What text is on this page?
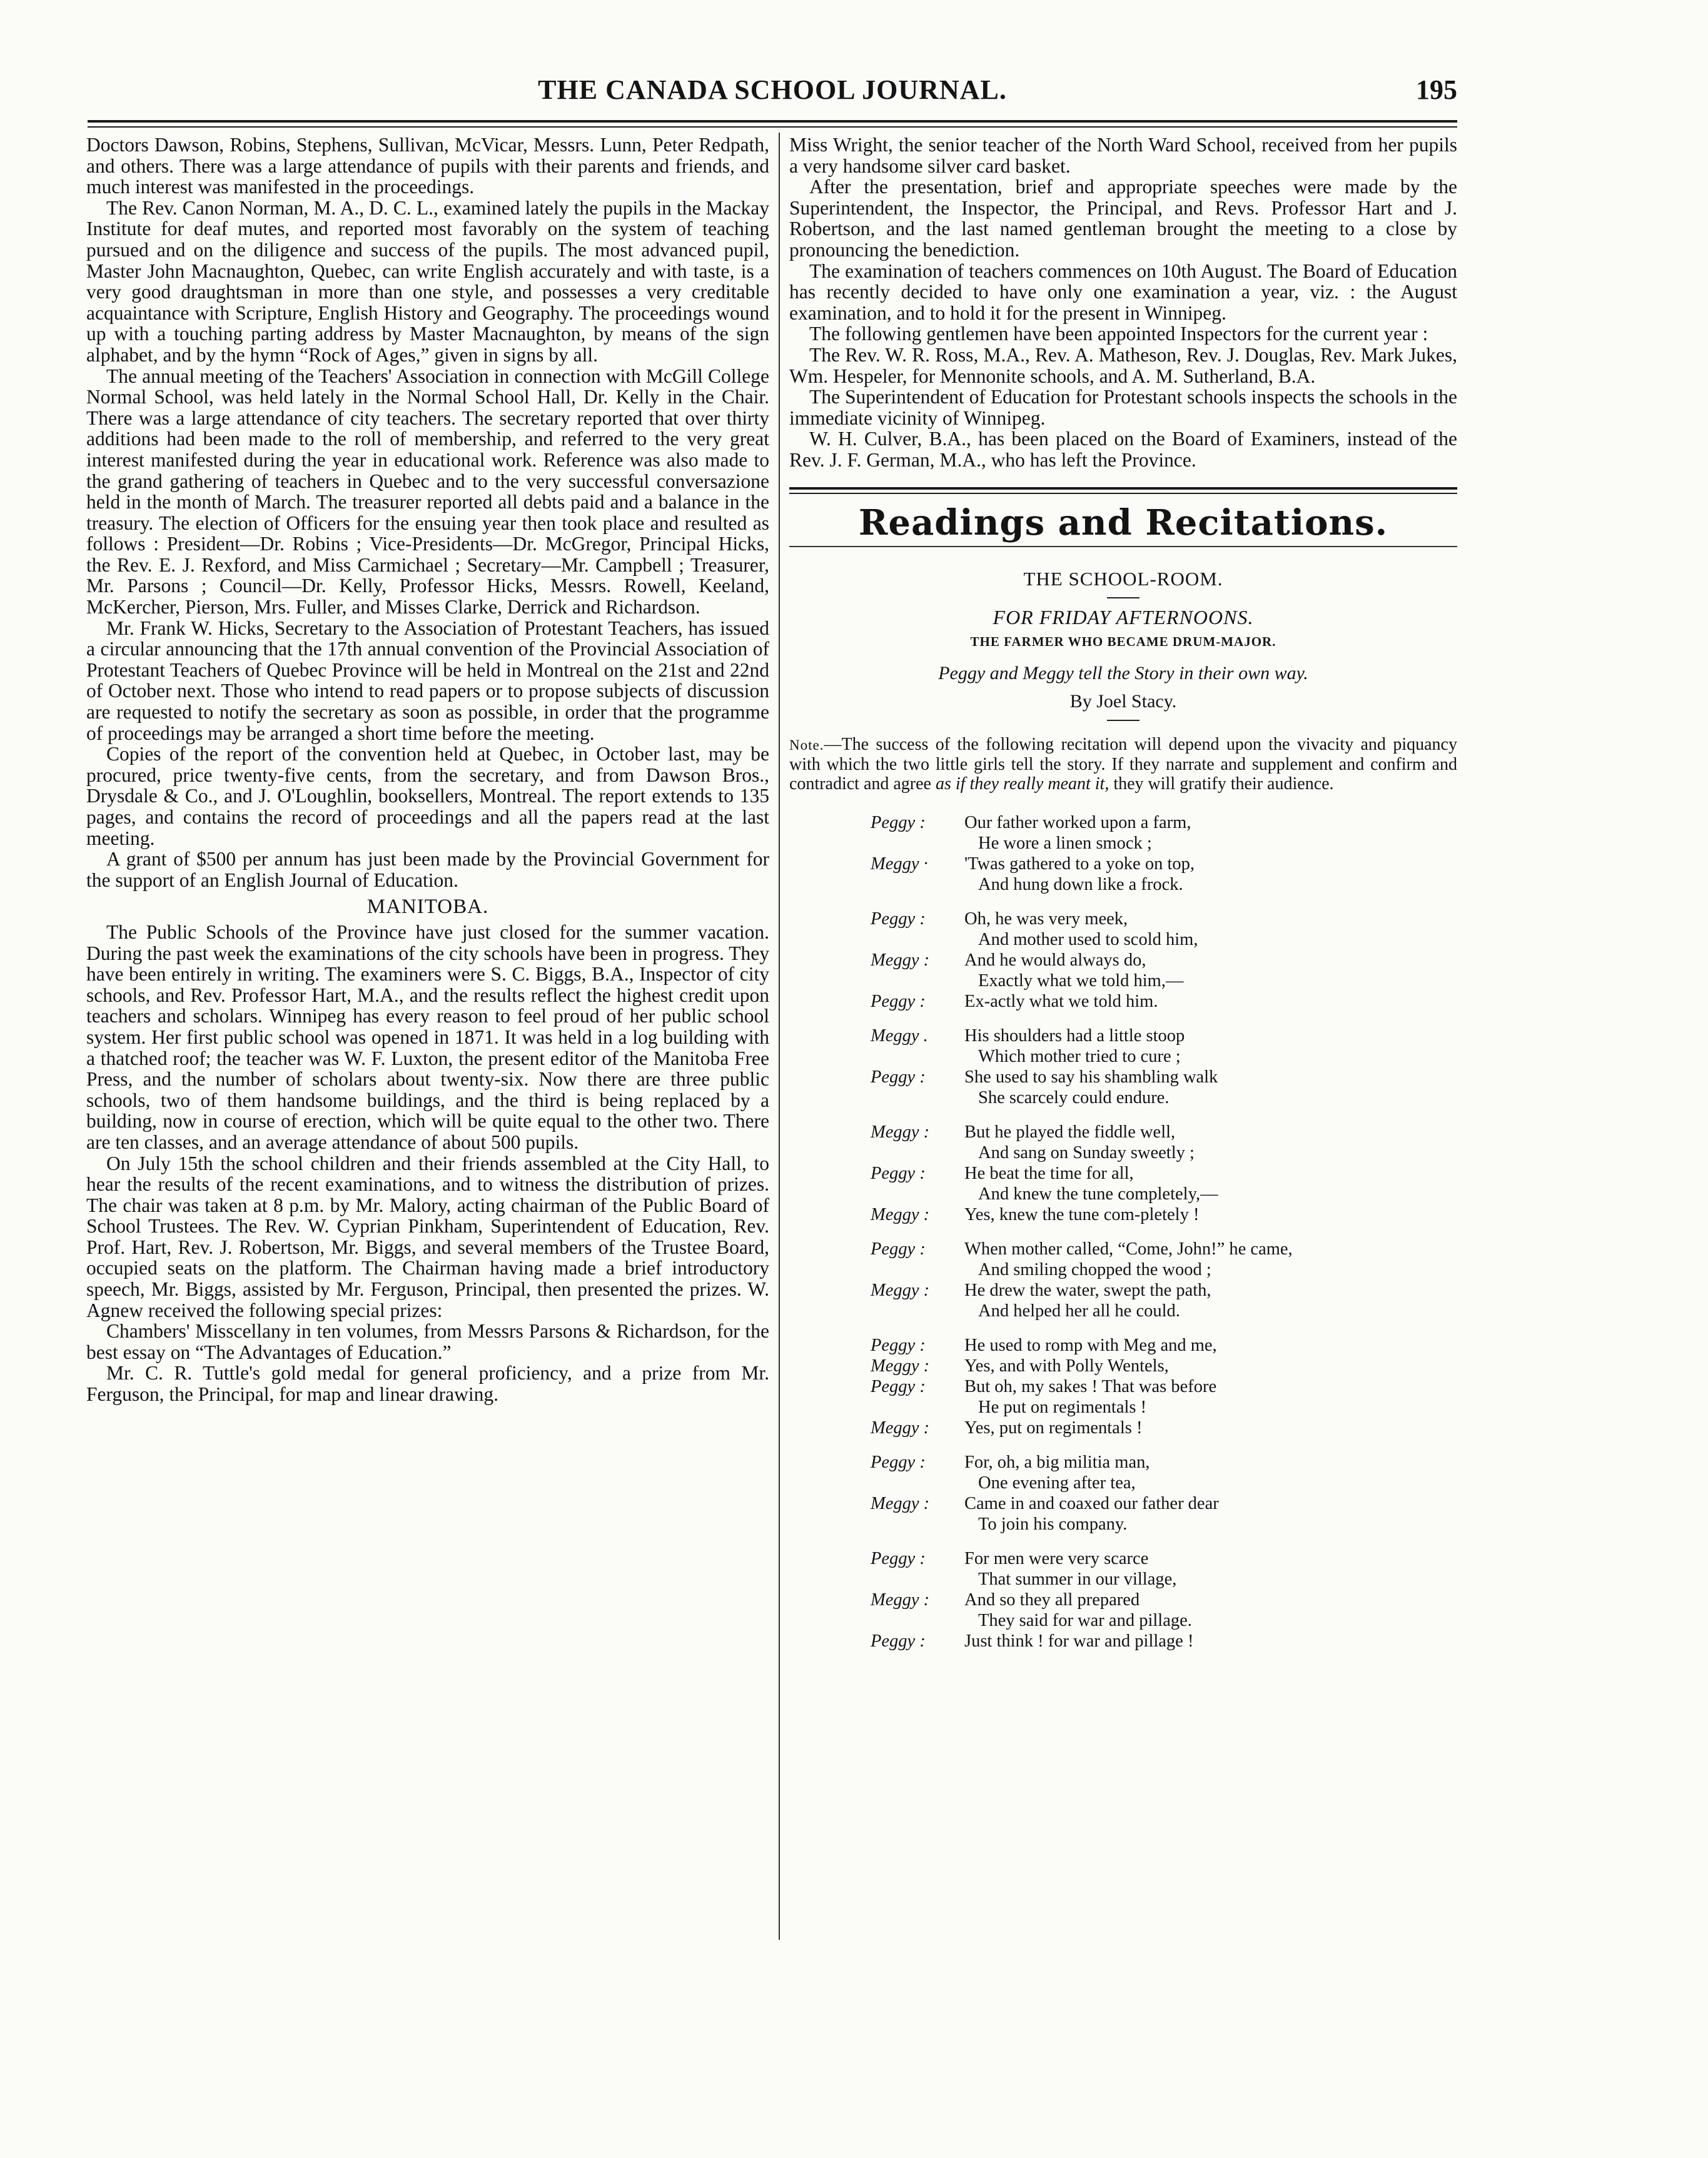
THE CANADA SCHOOL JOURNAL.	195

Doctors Dawson, Robins, Stephens, Sullivan, McVicar, Messrs. Lunn, Peter Redpath, and others. There was a large attendance of pupils with their parents and friends, and much interest was manifested in the proceedings.

The Rev. Canon Norman, M. A., D. C. L., examined lately the pupils in the Mackay Institute for deaf mutes, and reported most favorably on the system of teaching pursued and on the diligence and success of the pupils. The most advanced pupil, Master John Macnaughton, Quebec, can write English accurately and with taste, is a very good draughtsman in more than one style, and possesses a very creditable acquaintance with Scripture, English History and Geography. The proceedings wound up with a touching parting address by Master Macnaughton, by means of the sign alphabet, and by the hymn “Rock of Ages,” given in signs by all.

The annual meeting of the Teachers' Association in connection with McGill College Normal School, was held lately in the Normal School Hall, Dr. Kelly in the Chair. There was a large attendance of city teachers. The secretary reported that over thirty additions had been made to the roll of membership, and referred to the very great interest manifested during the year in educational work. Reference was also made to the grand gathering of teachers in Quebec and to the very successful conversazione held in the month of March. The treasurer reported all debts paid and a balance in the treasury. The election of Officers for the ensuing year then took place and resulted as follows : President—Dr. Robins ; Vice-Presidents—Dr. McGregor, Principal Hicks, the Rev. E. J. Rexford, and Miss Carmichael ; Secretary—Mr. Campbell ; Treasurer, Mr. Parsons ; Council—Dr. Kelly, Professor Hicks, Messrs. Rowell, Keeland, McKercher, Pierson, Mrs. Fuller, and Misses Clarke, Derrick and Richardson.

Mr. Frank W. Hicks, Secretary to the Association of Protestant Teachers, has issued a circular announcing that the 17th annual convention of the Provincial Association of Protestant Teachers of Quebec Province will be held in Montreal on the 21st and 22nd of October next. Those who intend to read papers or to propose subjects of discussion are requested to notify the secretary as soon as possible, in order that the programme of proceedings may be arranged a short time before the meeting.

Copies of the report of the convention held at Quebec, in October last, may be procured, price twenty-five cents, from the secretary, and from Dawson Bros., Drysdale & Co., and J. O'Loughlin, booksellers, Montreal. The report extends to 135 pages, and contains the record of proceedings and all the papers read at the last meeting.

A grant of $500 per annum has just been made by the Provincial Government for the support of an English Journal of Education.

MANITOBA.

The Public Schools of the Province have just closed for the summer vacation. During the past week the examinations of the city schools have been in progress. They have been entirely in writing. The examiners were S. C. Biggs, B.A., Inspector of city schools, and Rev. Professor Hart, M.A., and the results reflect the highest credit upon teachers and scholars. Winnipeg has every reason to feel proud of her public school system. Her first public school was opened in 1871. It was held in a log building with a thatched roof; the teacher was W. F. Luxton, the present editor of the Manitoba Free Press, and the number of scholars about twenty-six. Now there are three public schools, two of them handsome buildings, and the third is being replaced by a building, now in course of erection, which will be quite equal to the other two. There are ten classes, and an average attendance of about 500 pupils.

On July 15th the school children and their friends assembled at the City Hall, to hear the results of the recent examinations, and to witness the distribution of prizes. The chair was taken at 8 p.m. by Mr. Malory, acting chairman of the Public Board of School Trustees. The Rev. W. Cyprian Pinkham, Superintendent of Education, Rev. Prof. Hart, Rev. J. Robertson, Mr. Biggs, and several members of the Trustee Board, occupied seats on the platform. The Chairman having made a brief introductory speech, Mr. Biggs, assisted by Mr. Ferguson, Principal, then presented the prizes. W. Agnew received the following special prizes:

Chambers' Misscellany in ten volumes, from Messrs Parsons & Richardson, for the best essay on “The Advantages of Education.”

Mr. C. R. Tuttle's gold medal for general proficiency, and a prize from Mr. Ferguson, the Principal, for map and linear drawing.

Miss Wright, the senior teacher of the North Ward School, received from her pupils a very handsome silver card basket.

After the presentation, brief and appropriate speeches were made by the Superintendent, the Inspector, the Principal, and Revs. Professor Hart and J. Robertson, and the last named gentleman brought the meeting to a close by pronouncing the benediction.

The examination of teachers commences on 10th August. The Board of Education has recently decided to have only one examination a year, viz. : the August examination, and to hold it for the present in Winnipeg.

The following gentlemen have been appointed Inspectors for the current year :

The Rev. W. R. Ross, M.A., Rev. A. Matheson, Rev. J. Douglas, Rev. Mark Jukes, Wm. Hespeler, for Mennonite schools, and A. M. Sutherland, B.A.

The Superintendent of Education for Protestant schools inspects the schools in the immediate vicinity of Winnipeg.

W. H. Culver, B.A., has been placed on the Board of Examiners, instead of the Rev. J. F. German, M.A., who has left the Province.

Readings and Recitations.
THE SCHOOL-ROOM.
FOR FRIDAY AFTERNOONS.
THE FARMER WHO BECAME DRUM-MAJOR.
Peggy and Meggy tell the Story in their own way.
By Joel Stacy.
Note.—The success of the following recitation will depend upon the vivacity and piquancy with which the two little girls tell the story. If they narrate and supplement and confirm and contradict and agree as if they really meant it, they will gratify their audience.
Peggy :	Our father worked upon a farm,
He wore a linen smock ;
Meggy ·	'Twas gathered to a yoke on top,
And hung down like a frock.
Peggy :	Oh, he was very meek,
And mother used to scold him,
Meggy :	And he would always do,
Exactly what we told him,—
Peggy :	Ex-actly what we told him.
Meggy .	His shoulders had a little stoop
Which mother tried to cure ;
Peggy :	She used to say his shambling walk
She scarcely could endure.
Meggy :	But he played the fiddle well,
And sang on Sunday sweetly ;
Peggy :	He beat the time for all,
And knew the tune completely,—
Meggy :	Yes, knew the tune com-pletely !
Peggy :	When mother called, “Come, John!” he came,
And smiling chopped the wood ;
Meggy :	He drew the water, swept the path,
And helped her all he could.
Peggy :	He used to romp with Meg and me,
Meggy :	Yes, and with Polly Wentels,
Peggy :	But oh, my sakes ! That was before
He put on regimentals !
Meggy :	Yes, put on regimentals !
Peggy :	For, oh, a big militia man,
One evening after tea,
Meggy :	Came in and coaxed our father dear
To join his company.
Peggy :	For men were very scarce
That summer in our village,
Meggy :	And so they all prepared
They said for war and pillage.
Peggy :	Just think ! for war and pillage !
